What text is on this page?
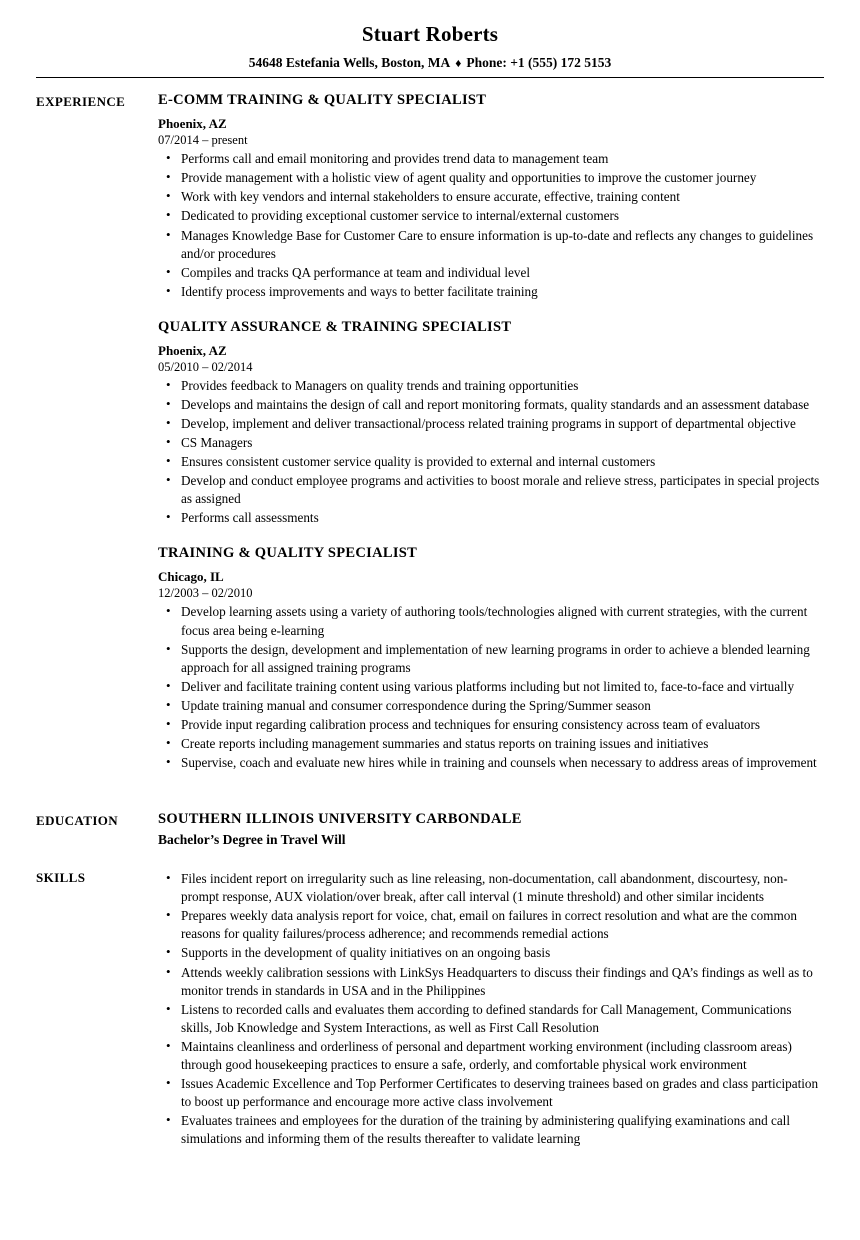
Stuart Roberts
54648 Estefania Wells, Boston, MA ♦ Phone: +1 (555) 172 5153
EXPERIENCE	E-COMM TRAINING & QUALITY SPECIALIST
Phoenix, AZ
07/2014 – present
• Performs call and email monitoring and provides trend data to management team
• Provide management with a holistic view of agent quality and opportunities to improve the customer journey
• Work with key vendors and internal stakeholders to ensure accurate, effective, training content
• Dedicated to providing exceptional customer service to internal/external customers
• Manages Knowledge Base for Customer Care to ensure information is up-to-date and reflects any changes to guidelines and/or procedures
• Compiles and tracks QA performance at team and individual level
• Identify process improvements and ways to better facilitate training
QUALITY ASSURANCE & TRAINING SPECIALIST
Phoenix, AZ
05/2010 – 02/2014
• Provides feedback to Managers on quality trends and training opportunities
• Develops and maintains the design of call and report monitoring formats, quality standards and an assessment database
• Develop, implement and deliver transactional/process related training programs in support of departmental objective
• CS Managers
• Ensures consistent customer service quality is provided to external and internal customers
• Develop and conduct employee programs and activities to boost morale and relieve stress, participates in special projects as assigned
• Performs call assessments
TRAINING & QUALITY SPECIALIST
Chicago, IL
12/2003 – 02/2010
• Develop learning assets using a variety of authoring tools/technologies aligned with current strategies, with the current focus area being e-learning
• Supports the design, development and implementation of new learning programs in order to achieve a blended learning approach for all assigned training programs
• Deliver and facilitate training content using various platforms including but not limited to, face-to-face and virtually
• Update training manual and consumer correspondence during the Spring/Summer season
• Provide input regarding calibration process and techniques for ensuring consistency across team of evaluators
• Create reports including management summaries and status reports on training issues and initiatives
• Supervise, coach and evaluate new hires while in training and counsels when necessary to address areas of improvement
EDUCATION	SOUTHERN ILLINOIS UNIVERSITY CARBONDALE
Bachelor’s Degree in Travel Will
SKILLS	• Files incident report on irregularity such as line releasing, non-documentation, call abandonment, discourtesy, non-prompt response, AUX violation/over break, after call interval (1 minute threshold) and other similar incidents
• Prepares weekly data analysis report for voice, chat, email on failures in correct resolution and what are the common reasons for quality failures/process adherence; and recommends remedial actions
• Supports in the development of quality initiatives on an ongoing basis
• Attends weekly calibration sessions with LinkSys Headquarters to discuss their findings and QA’s findings as well as to monitor trends in standards in USA and in the Philippines
• Listens to recorded calls and evaluates them according to defined standards for Call Management, Communications skills, Job Knowledge and System Interactions, as well as First Call Resolution
• Maintains cleanliness and orderliness of personal and department working environment (including classroom areas) through good housekeeping practices to ensure a safe, orderly, and comfortable physical work environment
• Issues Academic Excellence and Top Performer Certificates to deserving trainees based on grades and class participation to boost up performance and encourage more active class involvement
• Evaluates trainees and employees for the duration of the training by administering qualifying examinations and call simulations and informing them of the results thereafter to validate learning
